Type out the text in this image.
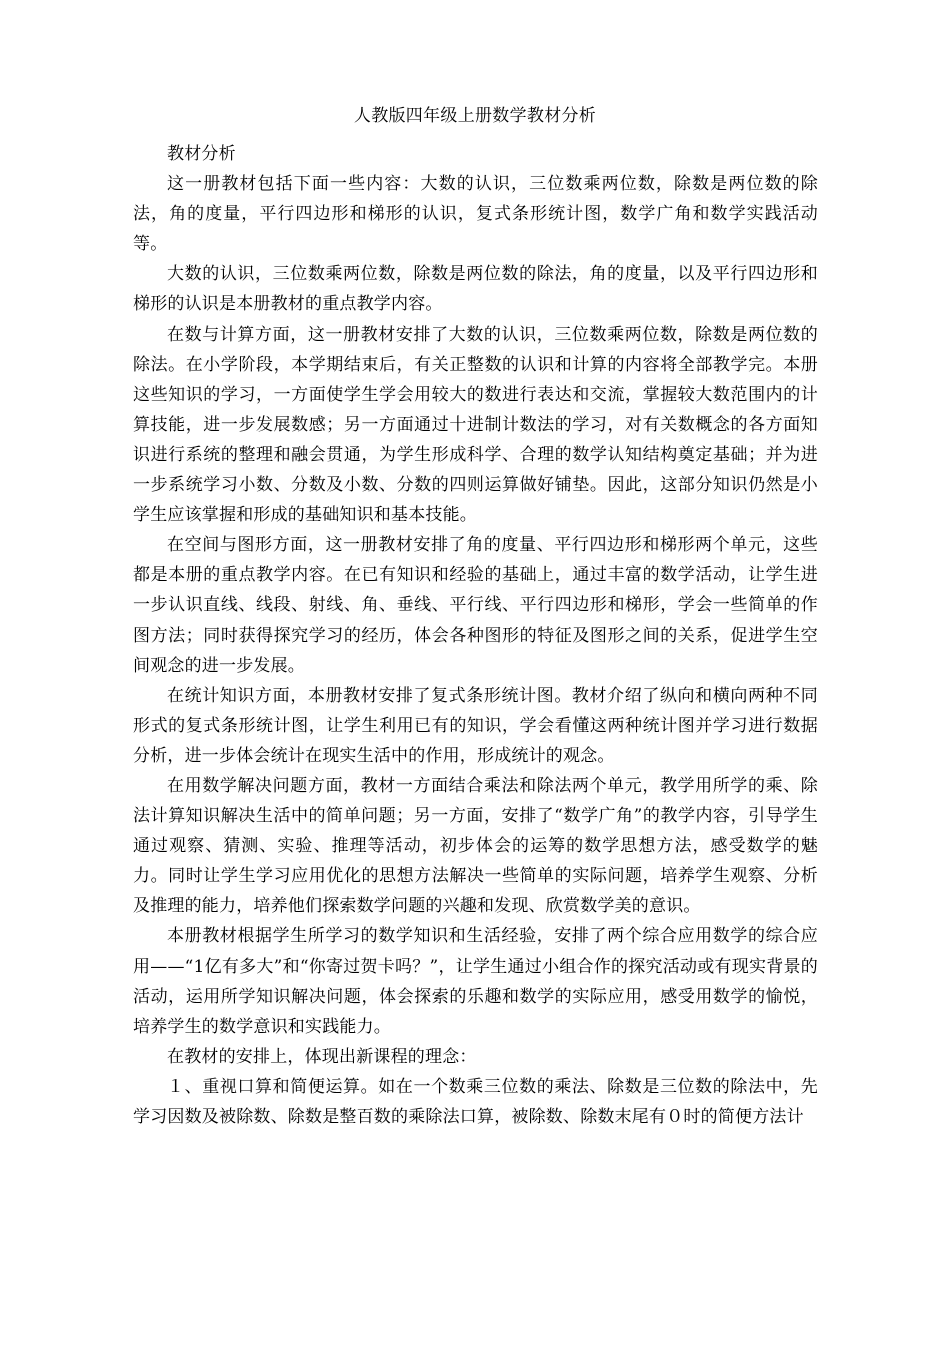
人教版四年级上册数学教材分析

教材分析

这一册教材包括下面一些内容：大数的认识，三位数乘两位数，除数是两位数的除法，角的度量，平行四边形和梯形的认识，复式条形统计图，数学广角和数学实践活动等。

大数的认识，三位数乘两位数，除数是两位数的除法，角的度量，以及平行四边形和梯形的认识是本册教材的重点教学内容。

在数与计算方面，这一册教材安排了大数的认识，三位数乘两位数，除数是两位数的除法。在小学阶段，本学期结束后，有关正整数的认识和计算的内容将全部教学完。本册这些知识的学习，一方面使学生学会用较大的数进行表达和交流，掌握较大数范围内的计算技能，进一步发展数感；另一方面通过十进制计数法的学习，对有关数概念的各方面知识进行系统的整理和融会贯通，为学生形成科学、合理的数学认知结构奠定基础；并为进一步系统学习小数、分数及小数、分数的四则运算做好铺垫。因此，这部分知识仍然是小学生应该掌握和形成的基础知识和基本技能。

在空间与图形方面，这一册教材安排了角的度量、平行四边形和梯形两个单元，这些都是本册的重点教学内容。在已有知识和经验的基础上，通过丰富的数学活动，让学生进一步认识直线、线段、射线、角、垂线、平行线、平行四边形和梯形，学会一些简单的作图方法；同时获得探究学习的经历，体会各种图形的特征及图形之间的关系，促进学生空间观念的进一步发展。

在统计知识方面，本册教材安排了复式条形统计图。教材介绍了纵向和横向两种不同形式的复式条形统计图，让学生利用已有的知识，学会看懂这两种统计图并学习进行数据分析，进一步体会统计在现实生活中的作用，形成统计的观念。

在用数学解决问题方面，教材一方面结合乘法和除法两个单元，教学用所学的乘、除法计算知识解决生活中的简单问题；另一方面，安排了“数学广角”的教学内容，引导学生通过观察、猜测、实验、推理等活动，初步体会的运筹的数学思想方法，感受数学的魅力。同时让学生学习应用优化的思想方法解决一些简单的实际问题，培养学生观察、分析及推理的能力，培养他们探索数学问题的兴趣和发现、欣赏数学美的意识。

本册教材根据学生所学习的数学知识和生活经验，安排了两个综合应用数学的综合应用——“1亿有多大”和“你寄过贺卡吗？”，让学生通过小组合作的探究活动或有现实背景的活动，运用所学知识解决问题，体会探索的乐趣和数学的实际应用，感受用数学的愉悦，培养学生的数学意识和实践能力。

在教材的安排上，体现出新课程的理念：

１、重视口算和简便运算。如在一个数乘三位数的乘法、除数是三位数的除法中，先学习因数及被除数、除数是整百数的乘除法口算，被除数、除数末尾有０时的简便方法计
